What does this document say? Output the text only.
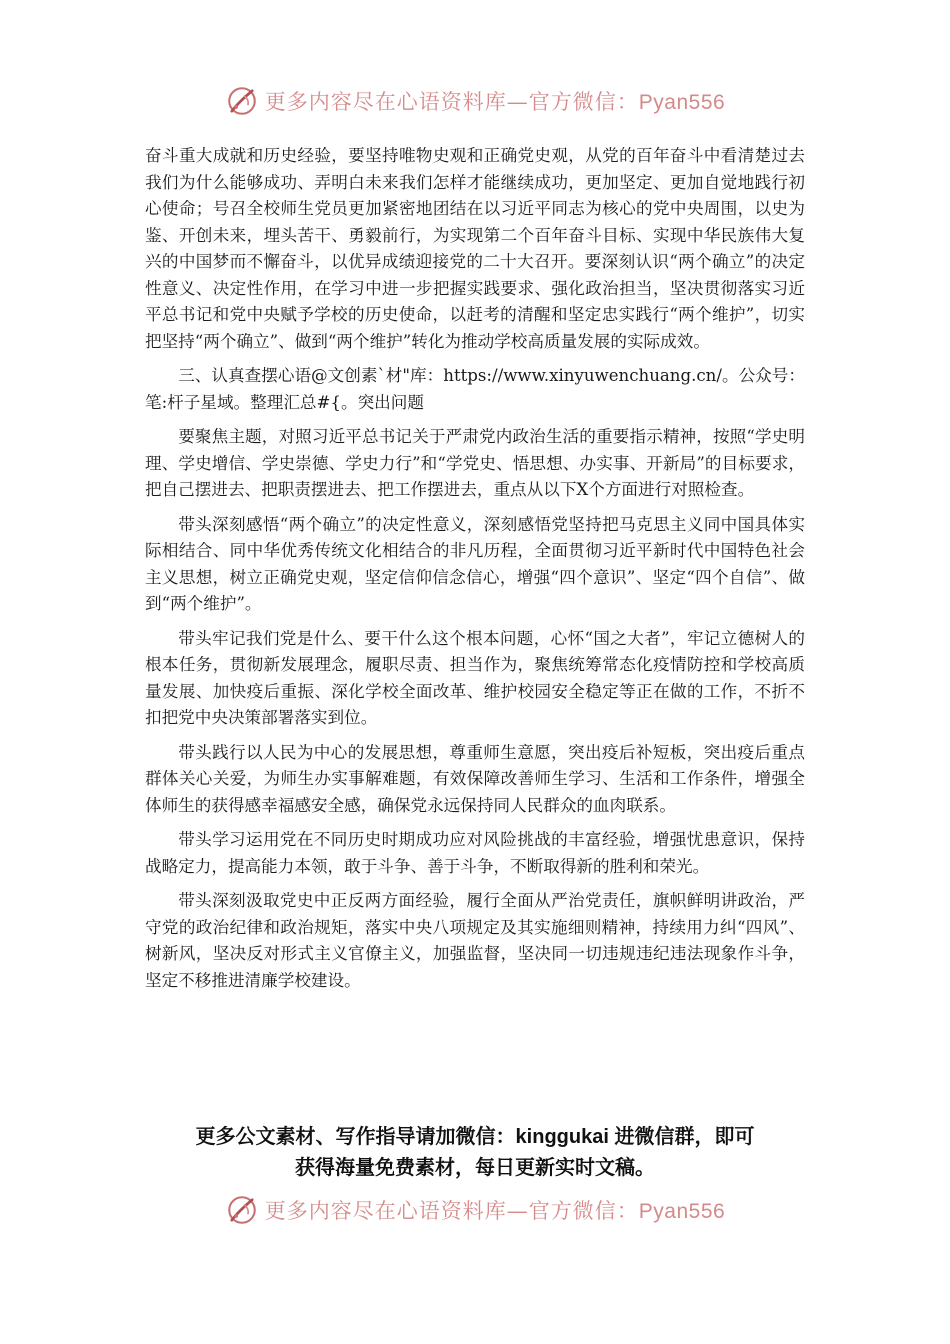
更多内容尽在心语资料库—官方微信：Pyan556

奋斗重大成就和历史经验，要坚持唯物史观和正确党史观，从党的百年奋斗中看清楚过去我们为什么能够成功、弄明白未来我们怎样才能继续成功，更加坚定、更加自觉地践行初心使命；号召全校师生党员更加紧密地团结在以习近平同志为核心的党中央周围，以史为鉴、开创未来，埋头苦干、勇毅前行，为实现第二个百年奋斗目标、实现中华民族伟大复兴的中国梦而不懈奋斗，以优异成绩迎接党的二十大召开。要深刻认识“两个确立”的决定性意义、决定性作用，在学习中进一步把握实践要求、强化政治担当，坚决贯彻落实习近平总书记和党中央赋予学校的历史使命，以赶考的清醒和坚定忠实践行“两个维护”，切实把坚持“两个确立”、做到“两个维护”转化为推动学校高质量发展的实际成效。

三、认真查摆心语@文创素`材"库：https://www.xinyuwenchuang.cn/。公众号：笔:杆子星域。整理汇总#{。突出问题

要聚焦主题，对照习近平总书记关于严肃党内政治生活的重要指示精神，按照“学史明理、学史增信、学史崇德、学史力行”和“学党史、悟思想、办实事、开新局”的目标要求，把自己摆进去、把职责摆进去、把工作摆进去，重点从以下X个方面进行对照检查。

带头深刻感悟“两个确立”的决定性意义，深刻感悟党坚持把马克思主义同中国具体实际相结合、同中华优秀传统文化相结合的非凡历程，全面贯彻习近平新时代中国特色社会主义思想，树立正确党史观，坚定信仰信念信心，增强“四个意识”、坚定“四个自信”、做到“两个维护”。

带头牢记我们党是什么、要干什么这个根本问题，心怀“国之大者”，牢记立德树人的根本任务，贯彻新发展理念，履职尽责、担当作为，聚焦统筹常态化疫情防控和学校高质量发展、加快疫后重振、深化学校全面改革、维护校园安全稳定等正在做的工作，不折不扣把党中央决策部署落实到位。

带头践行以人民为中心的发展思想，尊重师生意愿，突出疫后补短板，突出疫后重点群体关心关爱，为师生办实事解难题，有效保障改善师生学习、生活和工作条件，增强全体师生的获得感幸福感安全感，确保党永远保持同人民群众的血肉联系。

带头学习运用党在不同历史时期成功应对风险挑战的丰富经验，增强忧患意识，保持战略定力，提高能力本领，敢于斗争、善于斗争，不断取得新的胜利和荣光。

带头深刻汲取党史中正反两方面经验，履行全面从严治党责任，旗帜鲜明讲政治，严守党的政治纪律和政治规矩，落实中央八项规定及其实施细则精神，持续用力纠“四风”、树新风，坚决反对形式主义官僚主义，加强监督，坚决同一切违规违纪违法现象作斗争，坚定不移推进清廉学校建设。

更多公文素材、写作指导请加微信：kinggukai 进微信群，即可
获得海量免费素材，每日更新实时文稿。
更多内容尽在心语资料库—官方微信：Pyan556
